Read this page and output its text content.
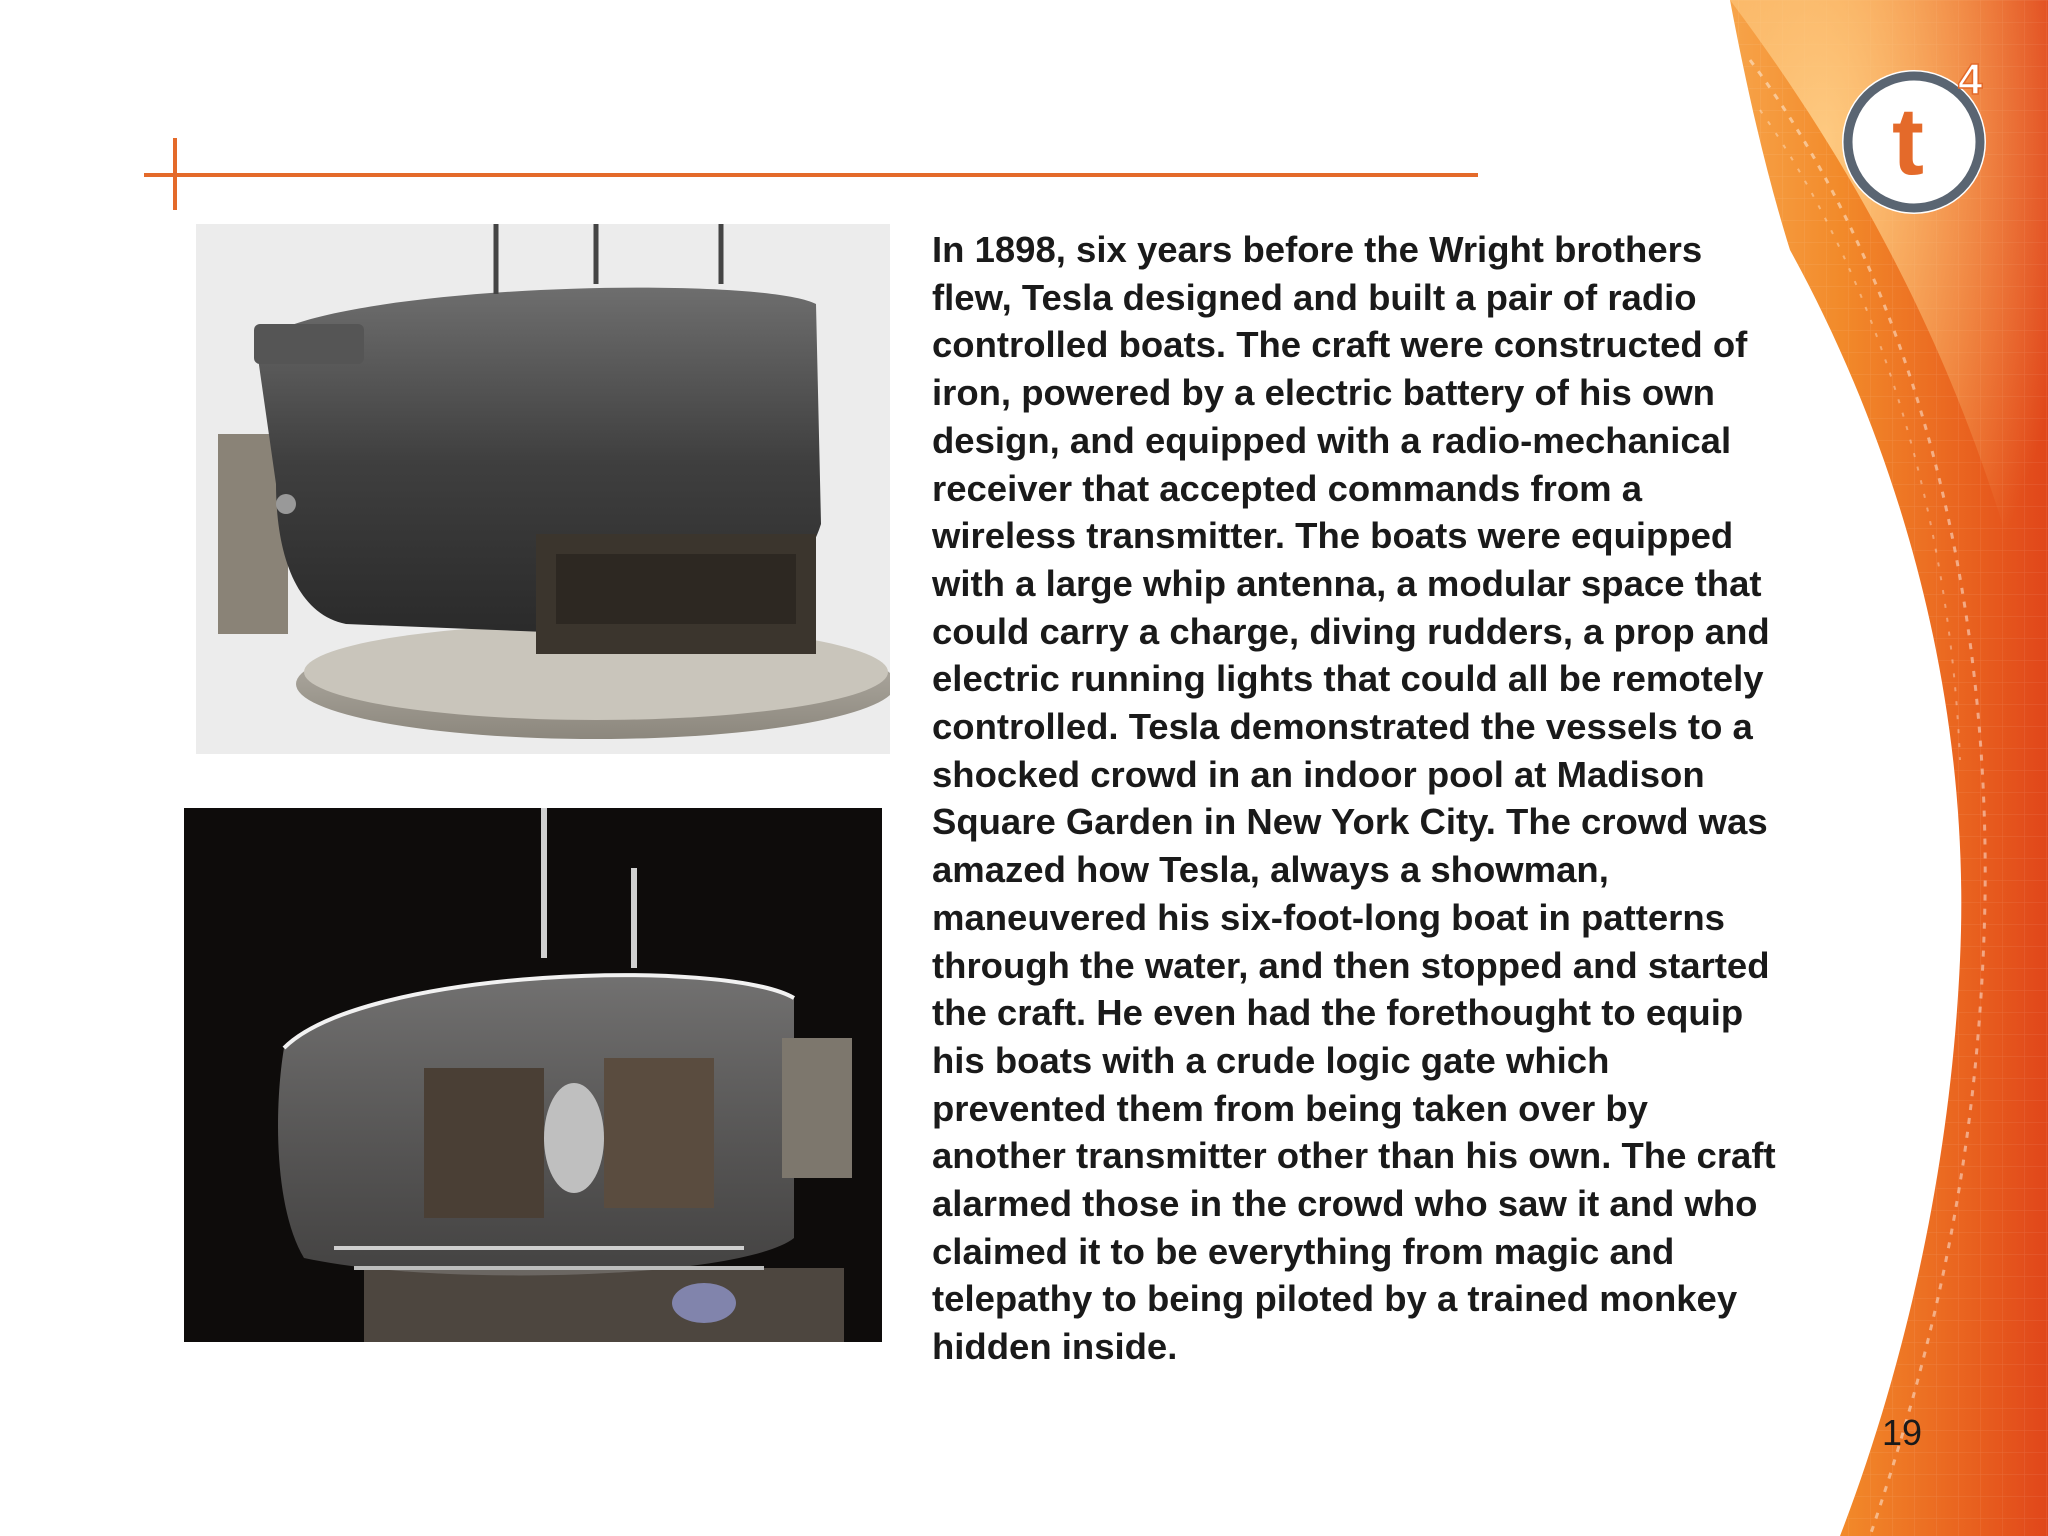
t
4

In 1898, six years before the Wright brothers
flew, Tesla designed and built a pair of radio
controlled boats. The craft were constructed of
iron, powered by a electric battery of his own
design, and equipped with a radio-mechanical
receiver that accepted commands from a
wireless transmitter. The boats were equipped
with a large whip antenna, a modular space that
could carry a charge, diving rudders, a prop and
electric running lights that could all be remotely
controlled. Tesla demonstrated the vessels to a
shocked crowd in an indoor pool at Madison
Square Garden in New York City. The crowd was
amazed how Tesla, always a showman,
maneuvered his six-foot-long boat in patterns
through the water, and then stopped and started
the craft. He even had the forethought to equip
his boats with a crude logic gate which
prevented them from being taken over by
another transmitter other than his own. The craft
alarmed those in the crowd who saw it and who
claimed it to be everything from magic and
telepathy to being piloted by a trained monkey
hidden inside.

19
